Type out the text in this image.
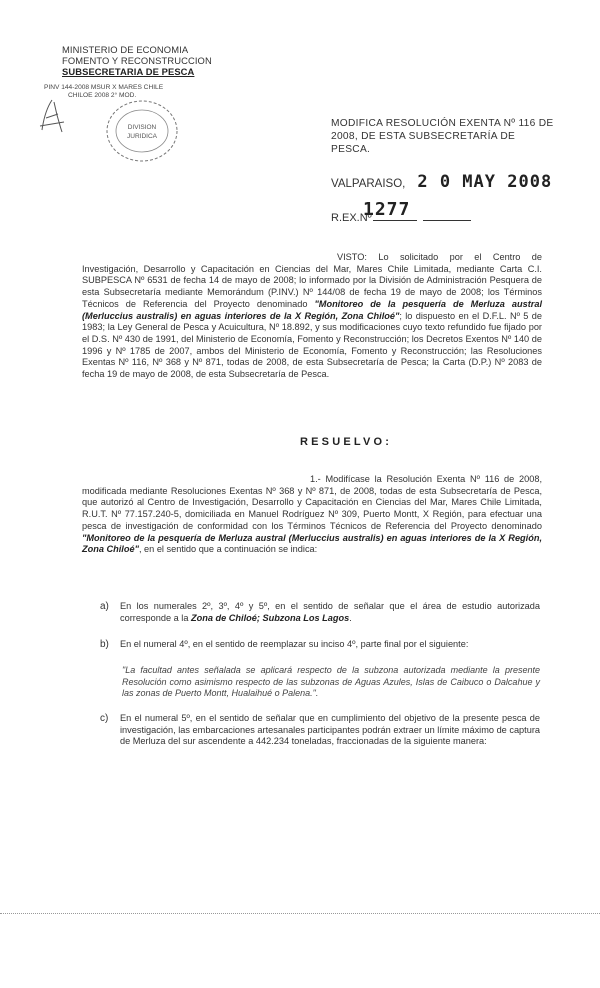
MINISTERIO DE ECONOMIA
FOMENTO Y RECONSTRUCCION
SUBSECRETARIA DE PESCA
PINV 144-2008 MSUR X MARES CHILE
CHILOE 2008 2° MOD.
DIVISION
JURIDICA
MODIFICA RESOLUCIÓN EXENTA Nº 116 DE 2008, DE ESTA SUBSECRETARÍA DE PESCA.
VALPARAISO, 2 0 MAY 2008
R.EX.Nº
1277
VISTO: Lo solicitado por el Centro de Investigación, Desarrollo y Capacitación en Ciencias del Mar, Mares Chile Limitada, mediante Carta C.I. SUBPESCA Nº 6531 de fecha 14 de mayo de 2008; lo informado por la División de Administración Pesquera de esta Subsecretaría mediante Memorándum (P.INV.) Nº 144/08 de fecha 19 de mayo de 2008; los Términos Técnicos de Referencia del Proyecto denominado "Monitoreo de la pesquería de Merluza austral (Merluccius australis) en aguas interiores de la X Región, Zona Chiloé"; lo dispuesto en el D.F.L. Nº 5 de 1983; la Ley General de Pesca y Acuicultura, Nº 18.892, y sus modificaciones cuyo texto refundido fue fijado por el D.S. Nº 430 de 1991, del Ministerio de Economía, Fomento y Reconstrucción; los Decretos Exentos Nº 140 de 1996 y Nº 1785 de 2007, ambos del Ministerio de Economía, Fomento y Reconstrucción; las Resoluciones Exentas Nº 116, Nº 368 y Nº 871, todas de 2008, de esta Subsecretaría de Pesca; la Carta (D.P.) Nº 2083 de fecha 19 de mayo de 2008, de esta Subsecretaría de Pesca.
RESUELVO:
1.- Modifícase la Resolución Exenta Nº 116 de 2008, modificada mediante Resoluciones Exentas Nº 368 y Nº 871, de 2008, todas de esta Subsecretaría de Pesca, que autorizó al Centro de Investigación, Desarrollo y Capacitación en Ciencias del Mar, Mares Chile Limitada, R.U.T. Nº 77.157.240-5, domiciliada en Manuel Rodríguez Nº 309, Puerto Montt, X Región, para efectuar una pesca de investigación de conformidad con los Términos Técnicos de Referencia del Proyecto denominado "Monitoreo de la pesquería de Merluza austral (Merluccius australis) en aguas interiores de la X Región, Zona Chiloé", en el sentido que a continuación se indica:
a) En los numerales 2º, 3º, 4º y 5º, en el sentido de señalar que el área de estudio autorizada corresponde a la Zona de Chiloé; Subzona Los Lagos.
b) En el numeral 4º, en el sentido de reemplazar su inciso 4º, parte final por el siguiente:
"La facultad antes señalada se aplicará respecto de la subzona autorizada mediante la presente Resolución como asimismo respecto de las subzonas de Aguas Azules, Islas de Caibuco o Dalcahue y las zonas de Puerto Montt, Hualaihué o Palena.".
c) En el numeral 5º, en el sentido de señalar que en cumplimiento del objetivo de la presente pesca de investigación, las embarcaciones artesanales participantes podrán extraer un límite máximo de captura de Merluza del sur ascendente a 442.234 toneladas, fraccionadas de la siguiente manera:
